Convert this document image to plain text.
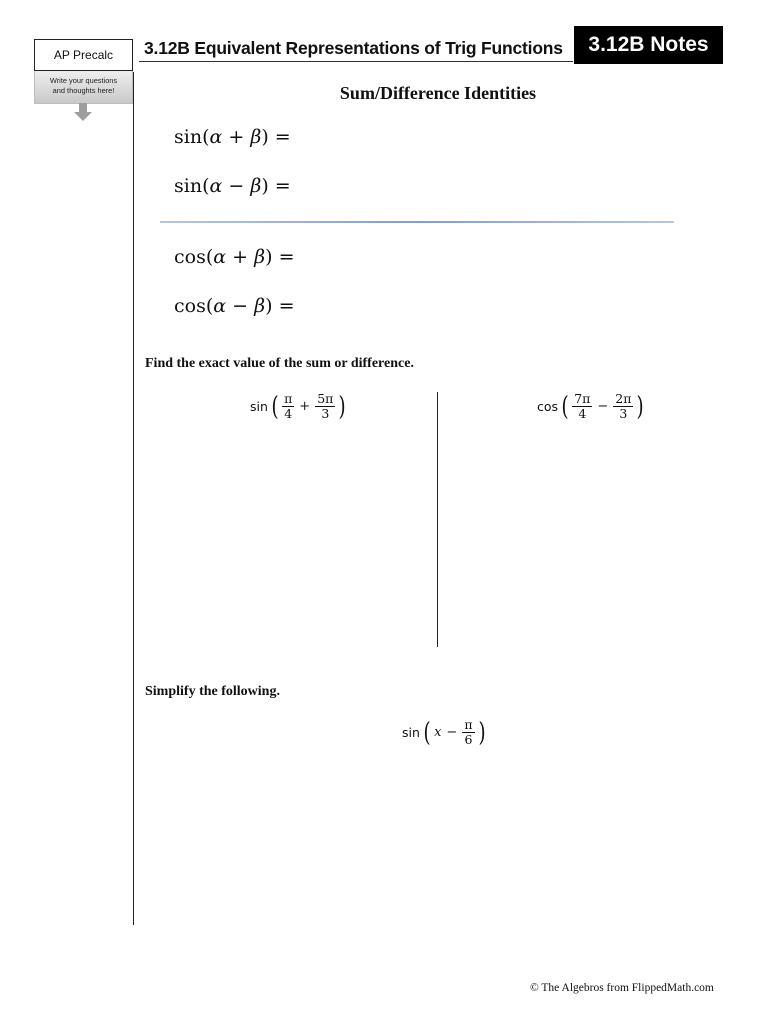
AP Precalc
Write your questions
and thoughts here!
3.12B Equivalent Representations of Trig Functions 3.12B Notes
Sum/Difference Identities
sin(α + β) =
sin(α − β) =
cos(α + β) =
cos(α − β) =
Find the exact value of the sum or difference.
sin ( $\frac{\pi}{4} + \frac{5\pi}{3}$ )	cos ( $\frac{7\pi}{4} - \frac{2\pi}{3}$ )
Simplify the following.
sin ( $x - \frac{\pi}{6}$ )
© The Algebros from FlippedMath.com
